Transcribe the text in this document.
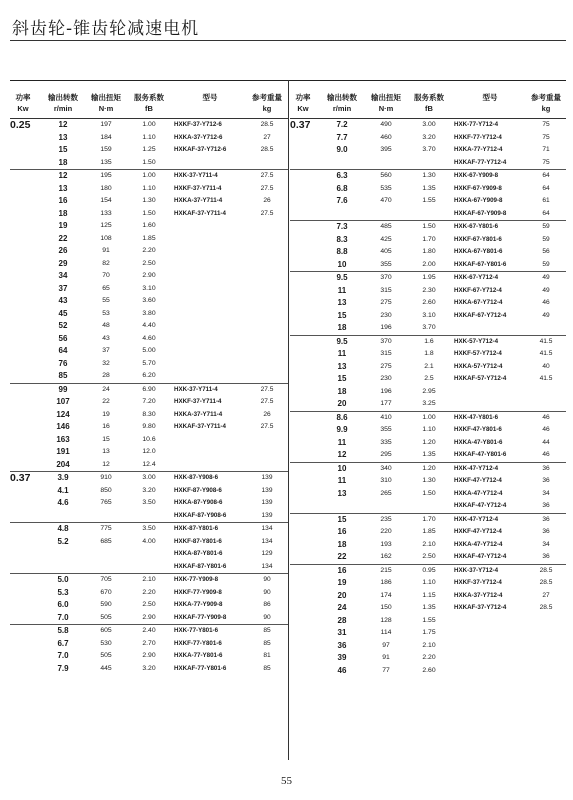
斜齿轮-锥齿轮减速电机
功率
Kw
输出转数
r/min
输出扭矩
N·m
服务系数
fB
型号	参考重量
kg
0.25	12	197	1.00	HXKF-37-Y712-6	28.5
13	184	1.10	HXKA-37-Y712-6	27
15	159	1.25	HXKAF-37-Y712-6	28.5
18	135	1.50
12	195	1.00	HXK-37-Y711-4	27.5
13	180	1.10	HXKF-37-Y711-4	27.5
16	154	1.30	HXKA-37-Y711-4	26
18	133	1.50	HXKAF-37-Y711-4	27.5
19	125	1.60
22	108	1.85
26	91	2.20
29	82	2.50
34	70	2.90
37	65	3.10
43	55	3.60
45	53	3.80
52	48	4.40
56	43	4.60
64	37	5.00
76	32	5.70
85	28	6.20
99	24	6.90	HXK-37-Y711-4	27.5
107	22	7.20	HXKF-37-Y711-4	27.5
124	19	8.30	HXKA-37-Y711-4	26
146	16	9.80	HXKAF-37-Y711-4	27.5
163	15	10.6
191	13	12.0
204	12	12.4
0.37	3.9	910	3.00	HXK-87-Y908-6	139
4.1	850	3.20	HXKF-87-Y908-6	139
4.6	765	3.50	HXKA-87-Y908-6	139
HXKAF-87-Y908-6	139
4.8	775	3.50	HXK-87-Y801-6	134
5.2	685	4.00	HXKF-87-Y801-6	134
HXKA-87-Y801-6	129
HXKAF-87-Y801-6	134
5.0	705	2.10	HXK-77-Y909-8	90
5.3	670	2.20	HXKF-77-Y909-8	90
6.0	590	2.50	HXKA-77-Y909-8	86
7.0	505	2.90	HXKAF-77-Y909-8	90
5.8	605	2.40	HXK-77-Y801-6	85
6.7	530	2.70	HXKF-77-Y801-6	85
7.0	505	2.90	HXKA-77-Y801-6	81
7.9	445	3.20	HXKAF-77-Y801-6	85
功率
Kw
输出转数
r/min
输出扭矩
N·m
服务系数
fB
型号	参考重量
kg
0.37	7.2	490	3.00	HXK-77-Y712-4	75
7.7	460	3.20	HXKF-77-Y712-4	75
9.0	395	3.70	HXKA-77-Y712-4	71
HXKAF-77-Y712-4	75
6.3	560	1.30	HXK-67-Y909-8	64
6.8	535	1.35	HXKF-67-Y909-8	64
7.6	470	1.55	HXKA-67-Y909-8	61
HXKAF-67-Y909-8	64
7.3	485	1.50	HXK-67-Y801-6	59
8.3	425	1.70	HXKF-67-Y801-6	59
8.8	405	1.80	HXKA-67-Y801-6	56
10	355	2.00	HXKAF-67-Y801-6	59
9.5	370	1.95	HXK-67-Y712-4	49
11	315	2.30	HXKF-67-Y712-4	49
13	275	2.60	HXKA-67-Y712-4	46
15	230	3.10	HXKAF-67-Y712-4	49
18	196	3.70
9.5	370	1.6	HXK-57-Y712-4	41.5
11	315	1.8	HXKF-57-Y712-4	41.5
13	275	2.1	HXKA-57-Y712-4	40
15	230	2.5	HXKAF-57-Y712-4	41.5
18	196	2.95
20	177	3.25
8.6	410	1.00	HXK-47-Y801-6	46
9.9	355	1.10	HXKF-47-Y801-6	46
11	335	1.20	HXKA-47-Y801-6	44
12	295	1.35	HXKAF-47-Y801-6	46
10	340	1.20	HXK-47-Y712-4	36
11	310	1.30	HXKF-47-Y712-4	36
13	265	1.50	HXKA-47-Y712-4	34
HXKAF-47-Y712-4	36
15	235	1.70	HXK-47-Y712-4	36
16	220	1.85	HXKF-47-Y712-4	36
18	193	2.10	HXKA-47-Y712-4	34
22	162	2.50	HXKAF-47-Y712-4	36
16	215	0.95	HXK-37-Y712-4	28.5
19	186	1.10	HXKF-37-Y712-4	28.5
20	174	1.15	HXKA-37-Y712-4	27
24	150	1.35	HXKAF-37-Y712-4	28.5
28	128	1.55
31	114	1.75
36	97	2.10
39	91	2.20
46	77	2.60
55
